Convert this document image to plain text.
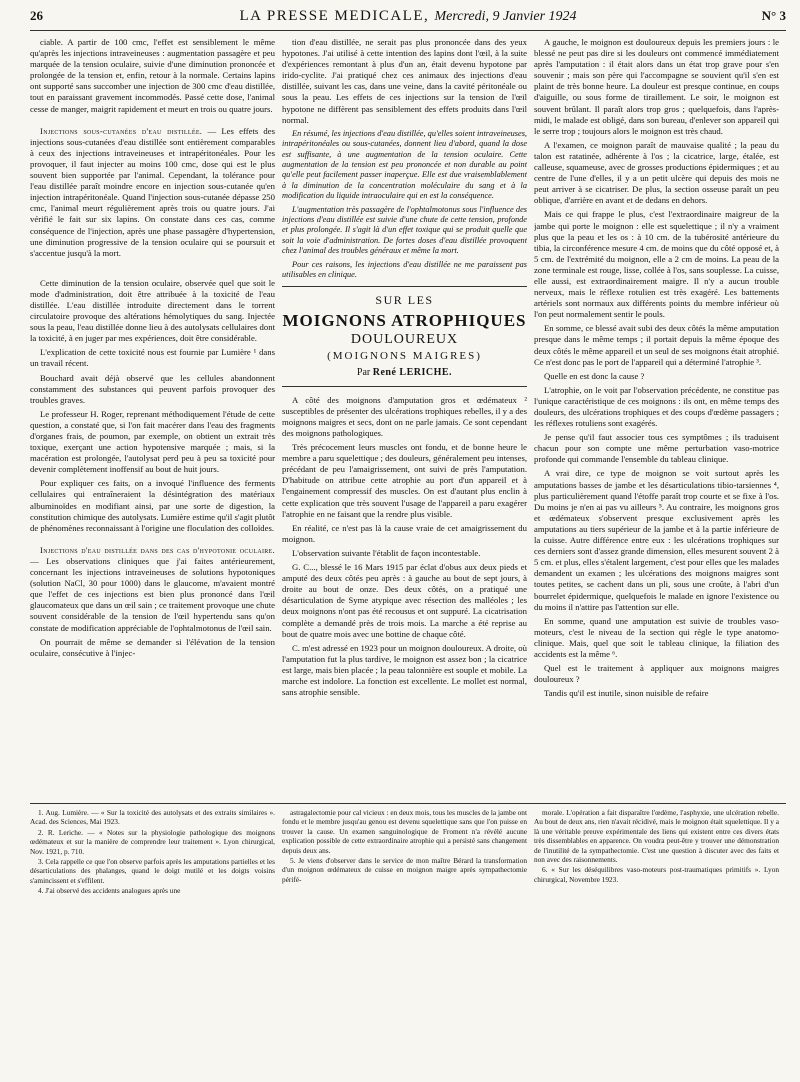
26	LA PRESSE MEDICALE, Mercredi, 9 Janvier 1924	N° 3

ciable. A partir de 100 cmc, l'effet est sensiblement le même qu'après les injections intraveineuses : augmentation passagère et peu marquée de la tension oculaire, suivie d'une diminution prononcée et prolongée de la tension et, enfin, retour à la normale. Certains lapins ont supporté sans succomber une injection de 300 cmc d'eau distillée, tout en paraissant gravement incommodés. Passé cette dose, l'animal cesse de manger, maigrit rapidement et meurt en trois ou quatre jours.

Injections sous-cutanées d'eau distillée. — Les effets des injections sous-cutanées d'eau distillée sont entièrement comparables à ceux des injections intraveineuses et intrapéritonéales. Pour les provoquer, il faut injecter au moins 100 cmc, dose qui est le plus souvent bien supportée par l'animal. Cependant, la tolérance pour l'eau distillée paraît moindre encore en injection sous-cutanée qu'en injection intrapéritonéale. Quand l'injection sous-cutanée dépasse 250 cmc, l'animal meurt régulièrement après trois ou quatre jours. J'ai vérifié le fait sur six lapins. On constate dans ces cas, comme conséquence de l'injection, après une phase passagère d'hypertension, une diminution progressive de la tension oculaire qui se poursuit et s'accentue jusqu'à la mort.

Cette diminution de la tension oculaire, observée quel que soit le mode d'administration, doit être attribuée à la toxicité de l'eau distillée. L'eau distillée introduite directement dans le torrent circulatoire provoque des altérations hémolytiques du sang. Injectée sous la peau, l'eau distillée donne lieu à des autolysats cellulaires dont la toxicité, à en juger par mes expériences, doit être considérable.

L'explication de cette toxicité nous est fournie par Lumière ¹ dans un travail récent.

Bouchard avait déjà observé que les cellules abandonnent constamment des substances qui peuvent parfois provoquer des troubles graves.

Le professeur H. Roger, reprenant méthodiquement l'étude de cette question, a constaté que, si l'on fait macérer dans l'eau des fragments d'organes frais, de poumon, par exemple, on obtient un extrait très toxique, exerçant une action hypotensive marquée ; mais, si la macération est prolongée, l'autolysat perd peu à peu sa toxicité pour devenir complètement inoffensif au bout de huit jours.

Pour expliquer ces faits, on a invoqué l'influence des ferments cellulaires qui entraîneraient la désintégration des matériaux albuminoïdes en modifiant ainsi, par une sorte de digestion, la constitution chimique des autolysats. Lumière estime qu'il s'agit plutôt de phénomènes reconnaissant à l'origine une floculation des colloïdes.

Injections d'eau distillée dans des cas d'hypotonie oculaire. — Les observations cliniques que j'ai faites antérieurement, concernant les injections intraveineuses de solutions hypotoniques (solution NaCl, 30 pour 1000) dans le glaucome, m'avaient montré que l'effet de ces injections est bien plus prononcé dans l'œil glaucomateux que dans un œil sain ; ce traitement provoque une chute souvent considérable de la tension de l'œil hypertendu sans qu'on constate de modification appréciable de l'ophtalmotonus de l'œil sain.

On pourrait de même se demander si l'élévation de la tension oculaire, consécutive à l'injec-

tion d'eau distillée, ne serait pas plus prononcée dans des yeux hypotones. J'ai utilisé à cette intention des lapins dont l'œil, à la suite d'expériences remontant à plus d'un an, était devenu hypotone par irido-cyclite. J'ai pratiqué chez ces animaux des injections d'eau distillée, suivant les cas, dans une veine, dans la cavité péritonéale ou sous la peau. Les effets de ces injections sur la tension de l'œil hypotone ne diffèrent pas sensiblement des effets produits dans l'œil normal.

En résumé, les injections d'eau distillée, qu'elles soient intraveineuses, intrapéritonéales ou sous-cutanées, donnent lieu d'abord, quand la dose est suffisante, à une augmentation de la tension oculaire. Cette augmentation de la tension est peu prononcée et non durable au point qu'elle peut facilement passer inaperçue. Elle est due vraisemblablement à la diminution de la concentration moléculaire du sang et à la modification du liquide intraoculaire qui en est la conséquence.

L'augmentation très passagère de l'ophtalmotonus sous l'influence des injections d'eau distillée est suivie d'une chute de cette tension, profonde et plus prolongée. Il s'agit là d'un effet toxique qui se produit quelle que soit la voie d'administration. De fortes doses d'eau distillée provoquent chez l'animal des troubles généraux et même la mort.

Pour ces raisons, les injections d'eau distillée ne me paraissent pas utilisables en clinique.

SUR LES
MOIGNONS ATROPHIQUES
DOULOUREUX
(MOIGNONS MAIGRES)
Par René LERICHE.

A côté des moignons d'amputation gros et œdémateux ² susceptibles de présenter des ulcérations trophiques rebelles, il y a des moignons maigres et secs, dont on ne parle jamais. Ce sont cependant des moignons pathologiques.

Très précocement leurs muscles ont fondu, et de bonne heure le membre a paru squelettique ; des douleurs, généralement peu intenses, précédant de peu l'amaigrissement, ont suivi de près l'amputation. D'habitude on attribue cette atrophie au port d'un appareil et à l'engainement compressif des muscles. On est d'autant plus enclin à cette explication que très souvent l'usage de l'appareil a paru exagérer l'atrophie en ne faisant que la rendre plus visible.

En réalité, ce n'est pas là la cause vraie de cet amaigrissement du moignon.

L'observation suivante l'établit de façon incontestable.

G. C..., blessé le 16 Mars 1915 par éclat d'obus aux deux pieds et amputé des deux côtés peu après : à gauche au bout de sept jours, à droite au bout de onze. Des deux côtés, on a pratiqué une désarticulation de Syme atypique avec résection des malléoles ; les deux moignons n'ont pas été recousus et ont suppuré. La cicatrisation complète a demandé près de trois mois. La marche a été reprise au bout de quatre mois avec une bottine de chaque côté.

C. m'est adressé en 1923 pour un moignon douloureux. A droite, où l'amputation fut la plus tardive, le moignon est assez bon ; la cicatrice est large, mais bien placée ; la peau talonnière est souple et mobile. La marche est indolore. La fonction est excellente. Le mollet est normal, sans atrophie sensible.

A gauche, le moignon est douloureux depuis les premiers jours : le blessé ne peut pas dire si les douleurs ont commencé immédiatement après l'amputation : il était alors dans un état trop grave pour s'en souvenir ; mais son père qui l'accompagne se souvient qu'il s'en est plaint de très bonne heure. La douleur est presque continue, en coups d'aiguille, ou sous forme de tiraillement. Le soir, le moignon est souvent brûlant. Il paraît alors trop gros ; quelquefois, dans l'après-midi, le malade est obligé, dans son bureau, d'enlever son appareil qui le serre trop ; toujours alors le moignon est très chaud.

A l'examen, ce moignon paraît de mauvaise qualité ; la peau du talon est ratatinée, adhérente à l'os ; la cicatrice, large, étalée, est calleuse, squameuse, avec de grosses productions épidermiques ; et au centre de l'une d'elles, il y a un petit ulcère qui depuis des mois ne peut arriver à se cicatriser. De plus, la section osseuse paraît un peu oblique, d'arrière en avant et de dedans en dehors.

Mais ce qui frappe le plus, c'est l'extraordinaire maigreur de la jambe qui porte le moignon : elle est squelettique ; il n'y a vraiment plus que la peau et les os : à 10 cm. de la tubérosité antérieure du tibia, la circonférence mesure 4 cm. de moins que du côté opposé et, à 5 cm. de l'extrémité du moignon, elle a 2 cm de moins. La peau de la zone terminale est rouge, lisse, collée à l'os, sans souplesse. La cuisse, elle aussi, est extraordinairement maigre. Il n'y a aucun trouble nerveux, mais le réflexe rotulien est très exagéré. Les battements artériels sont normaux aux différents points du membre inférieur où l'on peut normalement sentir le pouls.

En somme, ce blessé avait subi des deux côtés la même amputation presque dans le même temps ; il portait depuis la même époque des deux côtés le même appareil et un seul de ses moignons était atrophié. Ce n'est donc pas le port de l'appareil qui a déterminé l'atrophie ³.

Quelle en est donc la cause ?

L'atrophie, on le voit par l'observation précédente, ne constitue pas l'unique caractéristique de ces moignons : ils ont, en même temps des douleurs, des ulcérations trophiques et des coups d'œdème passagers ; les réflexes rotuliens sont exagérés.

Je pense qu'il faut associer tous ces symptômes ; ils traduisent chacun pour son compte une même perturbation vaso-motrice profonde qui commande l'ensemble du tableau clinique.

A vrai dire, ce type de moignon se voit surtout après les amputations basses de jambe et les désarticulations tibio-tarsiennes ⁴, plus particulièrement quand l'étoffe paraît trop courte et se fixe à l'os. Du moins je n'en ai pas vu ailleurs ⁵. Au contraire, les moignons gros et œdémateux s'observent presque exclusivement après les amputations au tiers supérieur de la jambe et à la partie inférieure de la cuisse. Autre différence entre eux : les ulcérations trophiques sur ces derniers sont d'assez grande dimension, elles mesurent souvent 2 à 5 cm. et plus, elles s'étalent largement, c'est pour elles que les malades demandent un examen ; les ulcérations des moignons maigres sont toutes petites, se cachent dans un pli, sous une croûte, à l'abri d'un bourrelet épidermique, quelquefois le malade en ignore l'existence ou du moins il n'attire pas l'attention sur elle.

En somme, quand une amputation est suivie de troubles vaso-moteurs, c'est le niveau de la section qui règle le type anatomo-clinique. Mais, quel que soit le tableau clinique, la filiation des accidents est la même ⁶.

Quel est le traitement à appliquer aux moignons maigres douloureux ?

Tandis qu'il est inutile, sinon nuisible de refaire

1. Aug. Lumière. — « Sur la toxicité des autolysats et des extraits similaires ». Acad. des Sciences, Mai 1923.

2. R. Leriche. — « Notes sur la physiologie pathologique des moignons œdémateux et sur la manière de comprendre leur traitement ». Lyon chirurgical, Nov. 1921, p. 710.

3. Cela rappelle ce que l'on observe parfois après les amputations partielles et les désarticulations des phalanges, quand le doigt mutilé et les doigts voisins s'amincissent et s'effilent.

4. J'ai observé des accidents analogues après une

astragalectomie pour cal vicieux : en deux mois, tous les muscles de la jambe ont fondu et le membre jusqu'au genou est devenu squelettique sans que l'on puisse en trouver la cause. Un examen sanguinologique de Froment n'a révélé aucune explication possible de cette extraordinaire atrophie qui a persisté sans changement depuis deux ans.

5. Je viens d'observer dans le service de mon maître Bérard la transformation d'un moignon œdémateux de cuisse en moignon maigre après sympathectomie périfé-

morale. L'opération a fait disparaître l'œdème, l'asphyxie, une ulcération rebelle. Au bout de deux ans, rien n'avait récidivé, mais le moignon était squelettique. Il y a là une véritable preuve expérimentale des liens qui existent entre ces divers états très dissemblables en apparence. On voudra peut-être y trouver une démonstration de l'inutilité de la sympathectomie. C'est une question à discuter avec des faits et non avec des raisonnements.

6. « Sur les déséquilibres vaso-moteurs post-traumatiques primitifs ». Lyon chirurgical, Novembre 1923.
